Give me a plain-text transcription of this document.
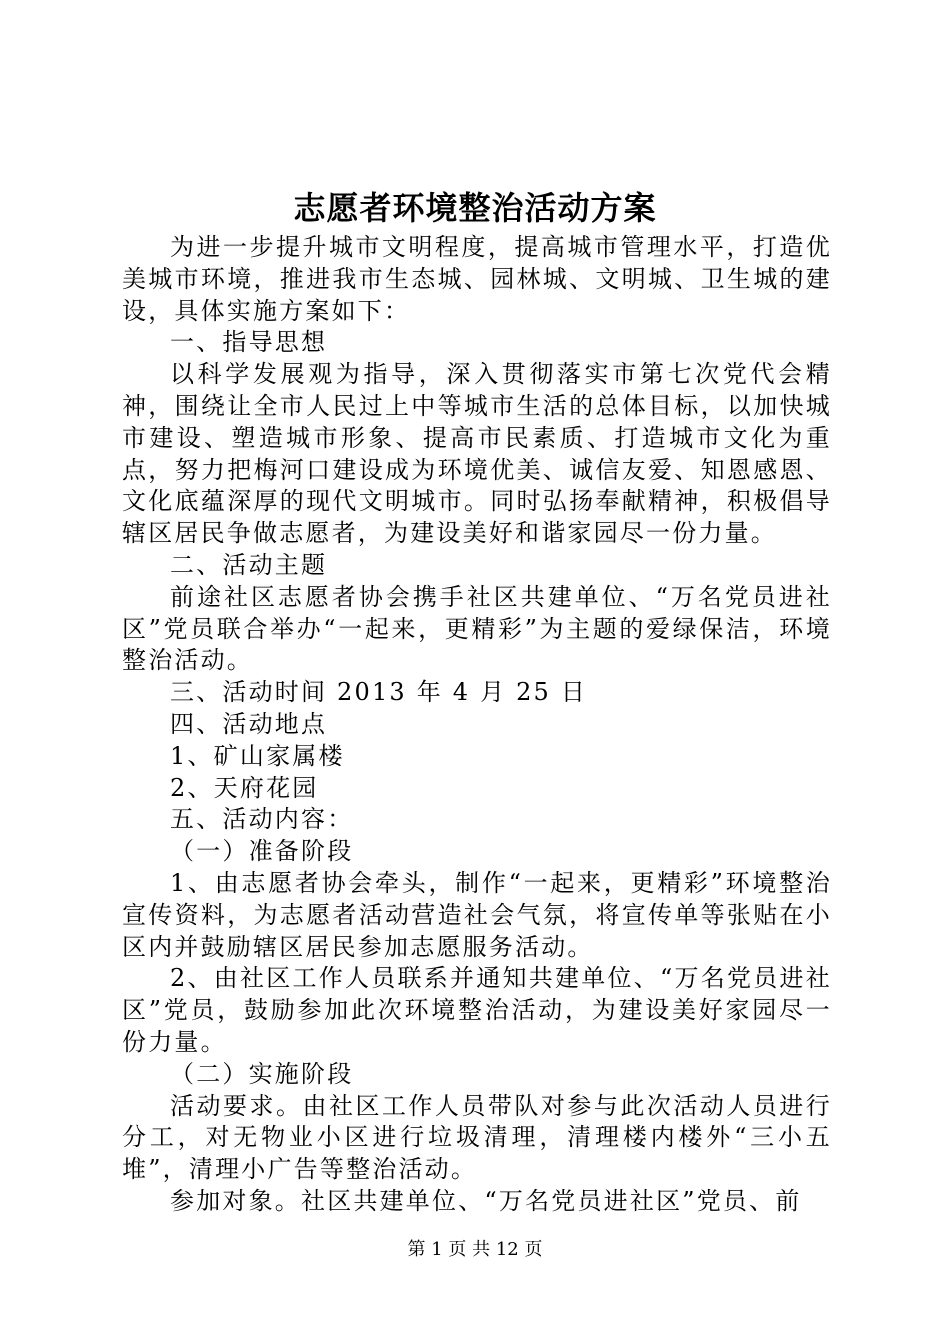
志愿者环境整治活动方案

为进一步提升城市文明程度，提高城市管理水平，打造优美城市环境，推进我市生态城、园林城、文明城、卫生城的建设，具体实施方案如下：

一、指导思想

以科学发展观为指导，深入贯彻落实市第七次党代会精神，围绕让全市人民过上中等城市生活的总体目标，以加快城市建设、塑造城市形象、提高市民素质、打造城市文化为重点，努力把梅河口建设成为环境优美、诚信友爱、知恩感恩、文化底蕴深厚的现代文明城市。同时弘扬奉献精神，积极倡导辖区居民争做志愿者，为建设美好和谐家园尽一份力量。

二、活动主题

前途社区志愿者协会携手社区共建单位、“万名党员进社区”党员联合举办“一起来，更精彩”为主题的爱绿保洁，环境整治活动。

三、活动时间 2013 年 4 月 25 日

四、活动地点

1、矿山家属楼

2、天府花园

五、活动内容：

（一）准备阶段

1、由志愿者协会牵头，制作“一起来，更精彩”环境整治宣传资料，为志愿者活动营造社会气氛，将宣传单等张贴在小区内并鼓励辖区居民参加志愿服务活动。

2、由社区工作人员联系并通知共建单位、“万名党员进社区”党员，鼓励参加此次环境整治活动，为建设美好家园尽一份力量。

（二）实施阶段

活动要求。由社区工作人员带队对参与此次活动人员进行分工，对无物业小区进行垃圾清理，清理楼内楼外“三小五堆”，清理小广告等整治活动。

参加对象。社区共建单位、“万名党员进社区”党员、前

第 1 页 共 12 页
